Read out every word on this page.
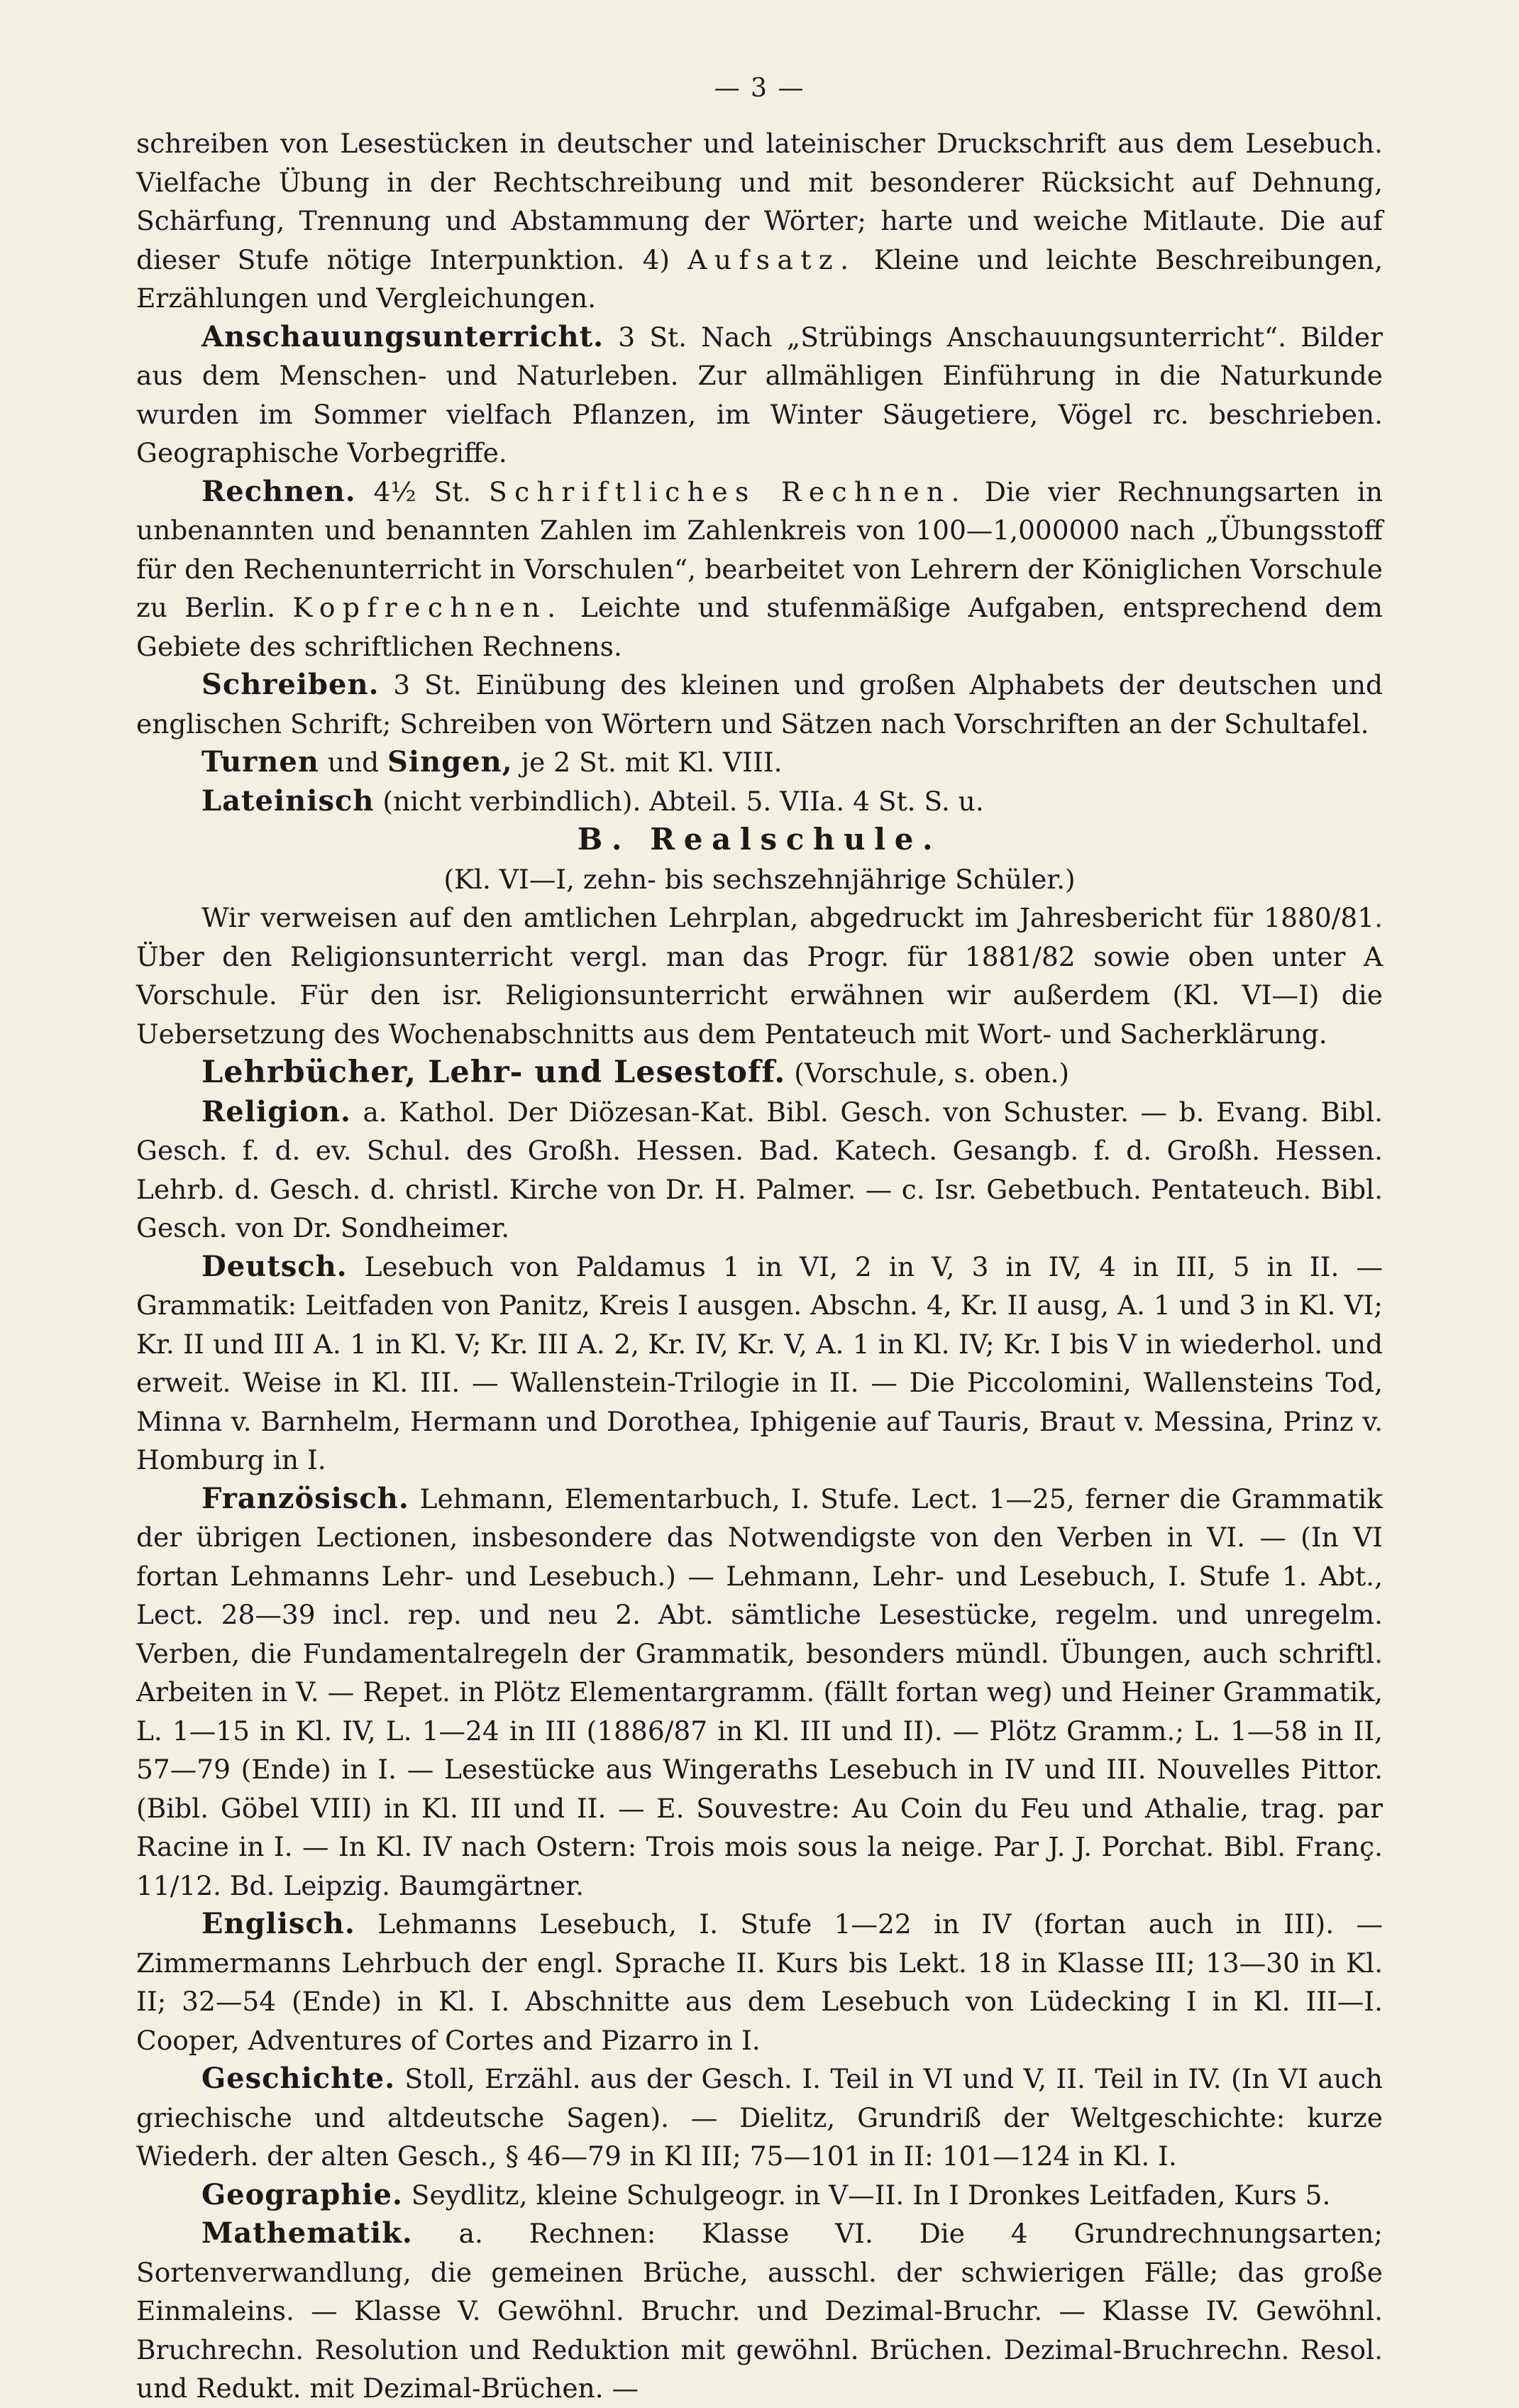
— 3 —

schreiben von Lesestücken in deutscher und lateinischer Druckschrift aus dem Lesebuch. Vielfache Übung in der Rechtschreibung und mit besonderer Rücksicht auf Dehnung, Schärfung, Trennung und Abstammung der Wörter; harte und weiche Mitlaute. Die auf dieser Stufe nötige Interpunktion. 4) Aufsatz. Kleine und leichte Beschreibungen, Erzählungen und Vergleichungen.

Anschauungsunterricht. 3 St. Nach „Strübings Anschauungsunterricht“. Bilder aus dem Menschen- und Naturleben. Zur allmähligen Einführung in die Naturkunde wurden im Sommer vielfach Pflanzen, im Winter Säugetiere, Vögel rc. beschrieben. Geographische Vorbegriffe.

Rechnen. 4½ St. Schriftliches Rechnen. Die vier Rechnungsarten in unbenannten und benannten Zahlen im Zahlenkreis von 100—1,000000 nach „Übungsstoff für den Rechenunterricht in Vorschulen“, bearbeitet von Lehrern der Königlichen Vorschule zu Berlin. Kopfrechnen. Leichte und stufenmäßige Aufgaben, entsprechend dem Gebiete des schriftlichen Rechnens.

Schreiben. 3 St. Einübung des kleinen und großen Alphabets der deutschen und englischen Schrift; Schreiben von Wörtern und Sätzen nach Vorschriften an der Schultafel.

Turnen und Singen, je 2 St. mit Kl. VIII.

Lateinisch (nicht verbindlich). Abteil. 5. VIIa. 4 St. S. u.

B. Realschule.

(Kl. VI—I, zehn- bis sechszehnjährige Schüler.)

Wir verweisen auf den amtlichen Lehrplan, abgedruckt im Jahresbericht für 1880/81. Über den Religionsunterricht vergl. man das Progr. für 1881/82 sowie oben unter A Vorschule. Für den isr. Religionsunterricht erwähnen wir außerdem (Kl. VI—I) die Uebersetzung des Wochenabschnitts aus dem Pentateuch mit Wort- und Sacherklärung.

Lehrbücher, Lehr- und Lesestoff. (Vorschule, s. oben.)

Religion. a. Kathol. Der Diözesan-Kat. Bibl. Gesch. von Schuster. — b. Evang. Bibl. Gesch. f. d. ev. Schul. des Großh. Hessen. Bad. Katech. Gesangb. f. d. Großh. Hessen. Lehrb. d. Gesch. d. christl. Kirche von Dr. H. Palmer. — c. Isr. Gebetbuch. Pentateuch. Bibl. Gesch. von Dr. Sondheimer.

Deutsch. Lesebuch von Paldamus 1 in VI, 2 in V, 3 in IV, 4 in III, 5 in II. — Grammatik: Leitfaden von Panitz, Kreis I ausgen. Abschn. 4, Kr. II ausg, A. 1 und 3 in Kl. VI; Kr. II und III A. 1 in Kl. V; Kr. III A. 2, Kr. IV, Kr. V, A. 1 in Kl. IV; Kr. I bis V in wiederhol. und erweit. Weise in Kl. III. — Wallenstein-Trilogie in II. — Die Piccolomini, Wallensteins Tod, Minna v. Barnhelm, Hermann und Dorothea, Iphigenie auf Tauris, Braut v. Messina, Prinz v. Homburg in I.

Französisch. Lehmann, Elementarbuch, I. Stufe. Lect. 1—25, ferner die Grammatik der übrigen Lectionen, insbesondere das Notwendigste von den Verben in VI. — (In VI fortan Lehmanns Lehr- und Lesebuch.) — Lehmann, Lehr- und Lesebuch, I. Stufe 1. Abt., Lect. 28—39 incl. rep. und neu 2. Abt. sämtliche Lesestücke, regelm. und unregelm. Verben, die Fundamentalregeln der Grammatik, besonders mündl. Übungen, auch schriftl. Arbeiten in V. — Repet. in Plötz Elementargramm. (fällt fortan weg) und Heiner Grammatik, L. 1—15 in Kl. IV, L. 1—24 in III (1886/87 in Kl. III und II). — Plötz Gramm.; L. 1—58 in II, 57—79 (Ende) in I. — Lesestücke aus Wingeraths Lesebuch in IV und III. Nouvelles Pittor. (Bibl. Göbel VIII) in Kl. III und II. — E. Souvestre: Au Coin du Feu und Athalie, trag. par Racine in I. — In Kl. IV nach Ostern: Trois mois sous la neige. Par J. J. Porchat. Bibl. Franç. 11/12. Bd. Leipzig. Baumgärtner.

Englisch. Lehmanns Lesebuch, I. Stufe 1—22 in IV (fortan auch in III). — Zimmermanns Lehrbuch der engl. Sprache II. Kurs bis Lekt. 18 in Klasse III; 13—30 in Kl. II; 32—54 (Ende) in Kl. I. Abschnitte aus dem Lesebuch von Lüdecking I in Kl. III—I. Cooper, Adventures of Cortes and Pizarro in I.

Geschichte. Stoll, Erzähl. aus der Gesch. I. Teil in VI und V, II. Teil in IV. (In VI auch griechische und altdeutsche Sagen). — Dielitz, Grundriß der Weltgeschichte: kurze Wiederh. der alten Gesch., § 46—79 in Kl III; 75—101 in II: 101—124 in Kl. I.

Geographie. Seydlitz, kleine Schulgeogr. in V—II. In I Dronkes Leitfaden, Kurs 5.

Mathematik. a. Rechnen: Klasse VI. Die 4 Grundrechnungsarten; Sortenverwandlung, die gemeinen Brüche, ausschl. der schwierigen Fälle; das große Einmaleins. — Klasse V. Gewöhnl. Bruchr. und Dezimal-Bruchr. — Klasse IV. Gewöhnl. Bruchrechn. Resolution und Reduktion mit gewöhnl. Brüchen. Dezimal-Bruchrechn. Resol. und Redukt. mit Dezimal-Brüchen. —
